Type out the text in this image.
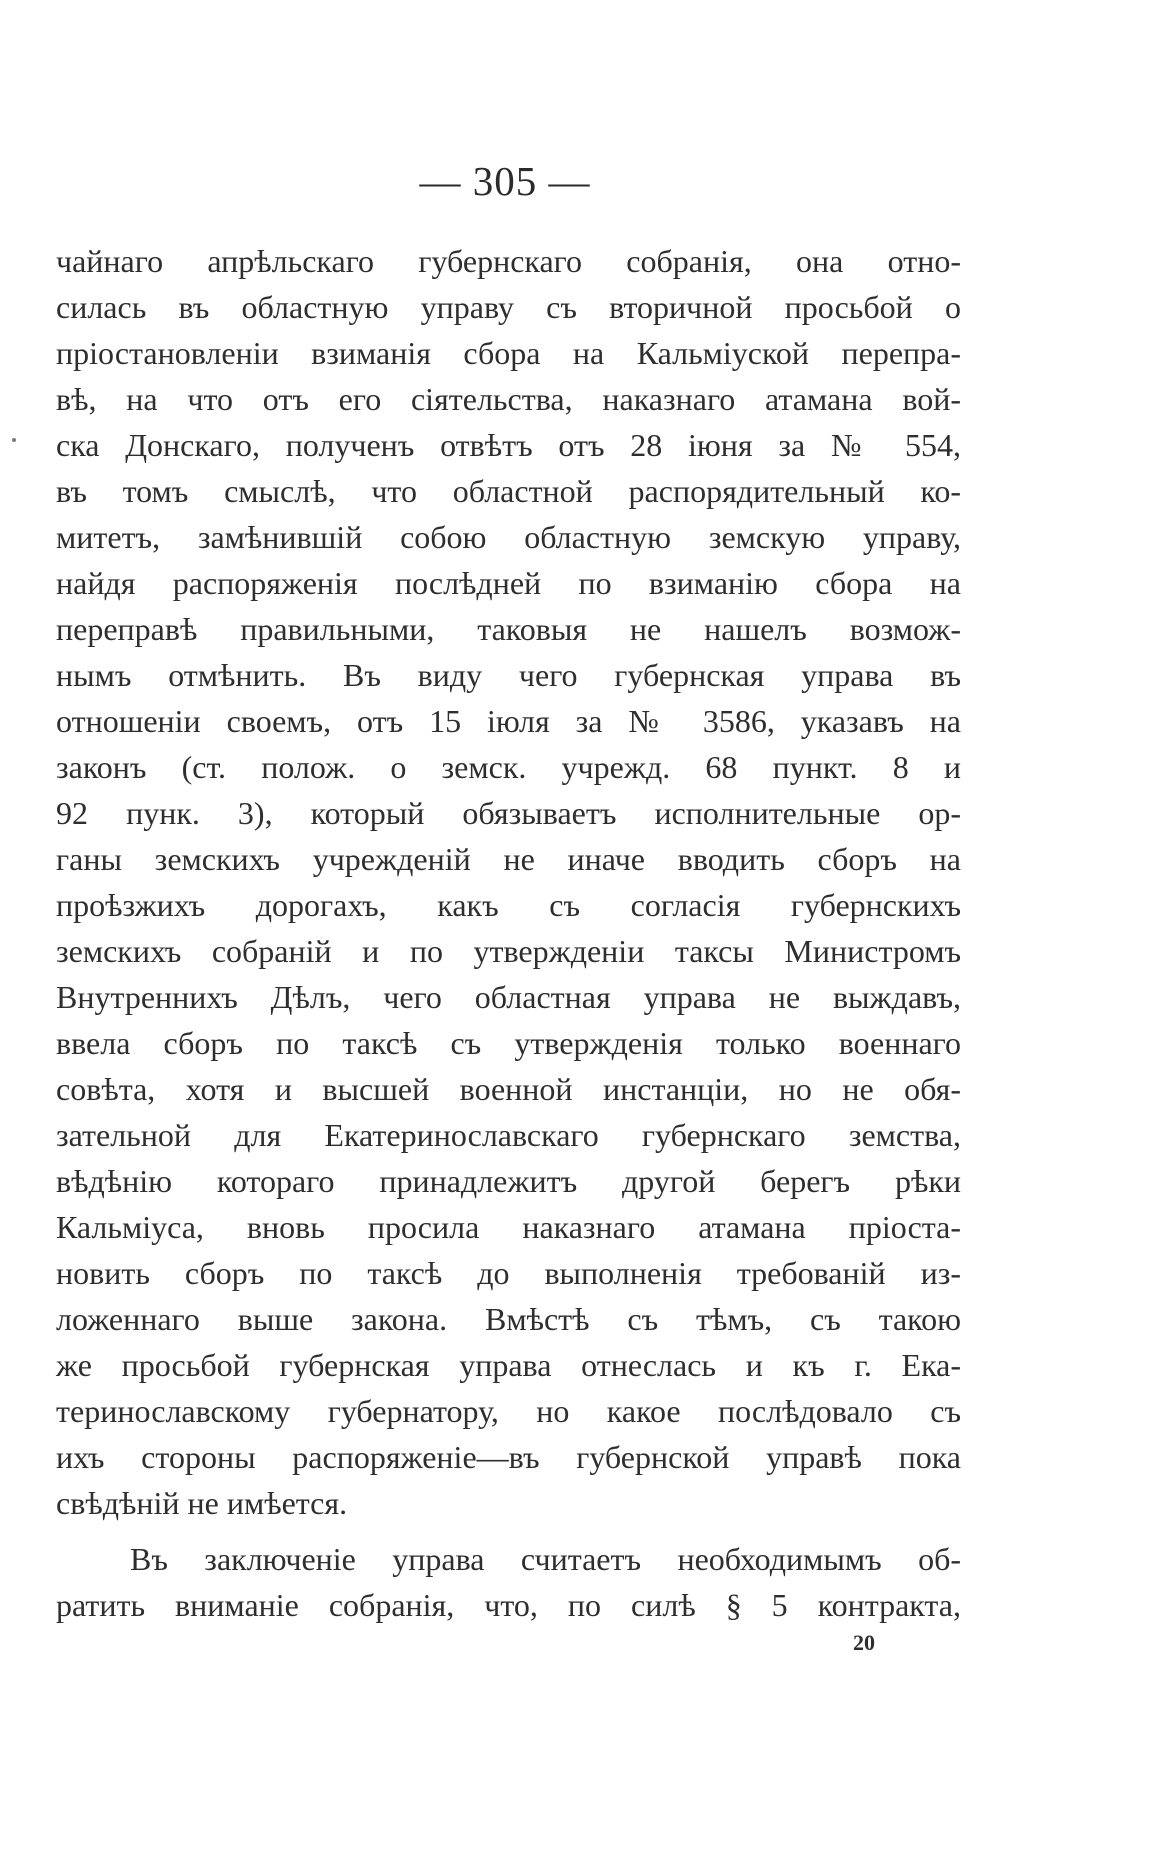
— 305 —
чайнаго апрѣльскаго губернскаго собранія, она отно-
силась въ областную управу съ вторичной просьбой о
пріостановленіи взиманія сбора на Кальміуской перепра-
вѣ, на что отъ его сіятельства, наказнаго атамана вой-
ска Донскаго, полученъ отвѣтъ отъ 28 іюня за № 554,
въ томъ смыслѣ, что областной распорядительный ко-
митетъ, замѣнившій собою областную земскую управу,
найдя распоряженія послѣдней по взиманію сбора на
переправѣ правильными, таковыя не нашелъ возмож-
нымъ отмѣнить. Въ виду чего губернская управа въ
отношеніи своемъ, отъ 15 іюля за № 3586, указавъ на
законъ (ст. полож. о земск. учрежд. 68 пункт. 8 и
92 пунк. 3), который обязываетъ исполнительные ор-
ганы земскихъ учрежденій не иначе вводить сборъ на
проѣзжихъ дорогахъ, какъ съ согласія губернскихъ
земскихъ собраній и по утвержденіи таксы Министромъ
Внутреннихъ Дѣлъ, чего областная управа не выждавъ,
ввела сборъ по таксѣ съ утвержденія только военнаго
совѣта, хотя и высшей военной инстанціи, но не обя-
зательной для Екатеринославскаго губернскаго земства,
вѣдѣнію котораго принадлежитъ другой берегъ рѣки
Кальміуса, вновь просила наказнаго атамана пріоста-
новить сборъ по таксѣ до выполненія требованій из-
ложеннаго выше закона. Вмѣстѣ съ тѣмъ, съ такою
же просьбой губернская управа отнеслась и къ г. Ека-
теринославскому губернатору, но какое послѣдовало съ
ихъ стороны распоряженіе—въ губернской управѣ пока
свѣдѣній не имѣется.
Въ заключеніе управа считаетъ необходимымъ об-
ратить вниманіе собранія, что, по силѣ § 5 контракта,
20
